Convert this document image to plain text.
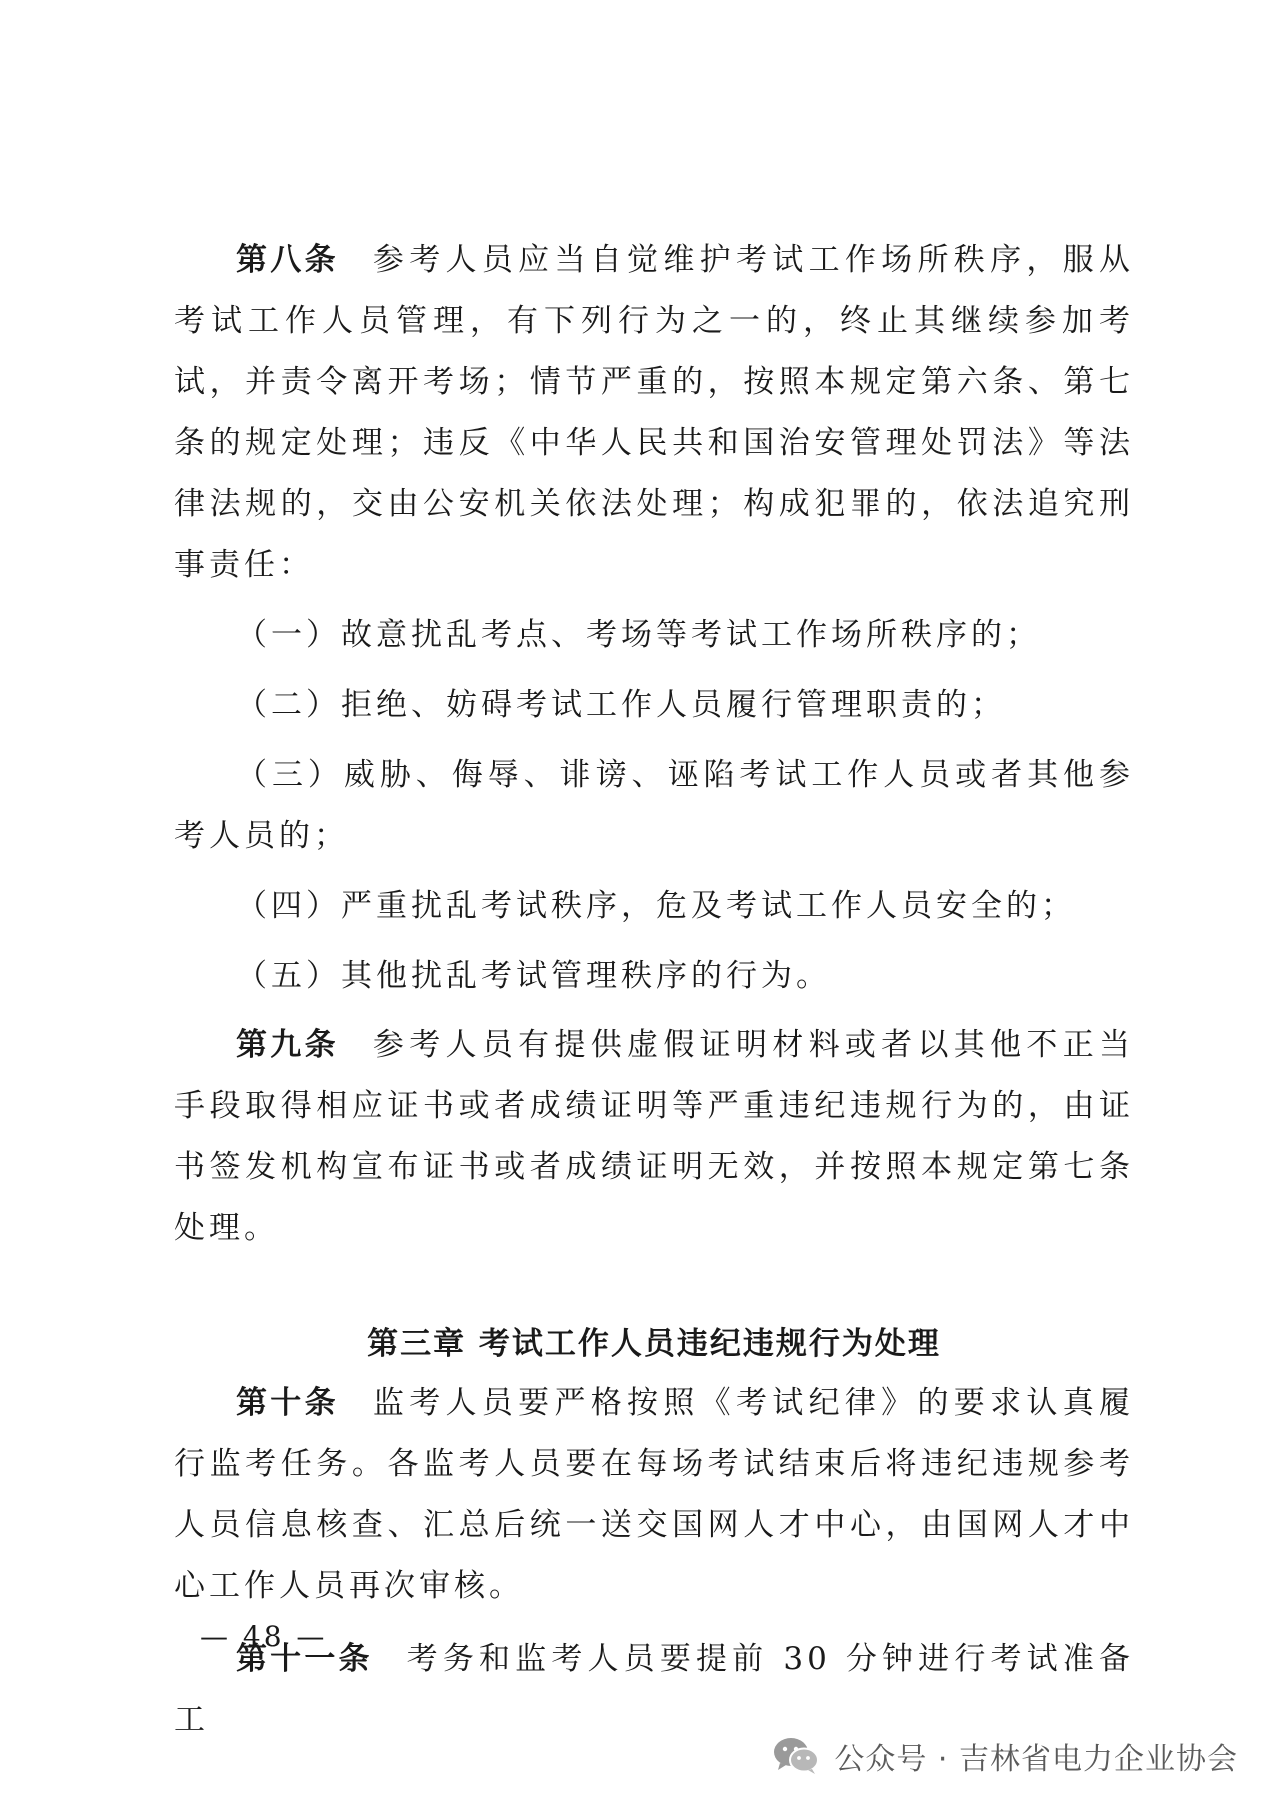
第八条 参考人员应当自觉维护考试工作场所秩序，服从考试工作人员管理，有下列行为之一的，终止其继续参加考试，并责令离开考场；情节严重的，按照本规定第六条、第七条的规定处理；违反《中华人民共和国治安管理处罚法》等法律法规的，交由公安机关依法处理；构成犯罪的，依法追究刑事责任：

（一）故意扰乱考点、考场等考试工作场所秩序的；

（二）拒绝、妨碍考试工作人员履行管理职责的；

（三）威胁、侮辱、诽谤、诬陷考试工作人员或者其他参考人员的；

（四）严重扰乱考试秩序，危及考试工作人员安全的；

（五）其他扰乱考试管理秩序的行为。

第九条 参考人员有提供虚假证明材料或者以其他不正当手段取得相应证书或者成绩证明等严重违纪违规行为的，由证书签发机构宣布证书或者成绩证明无效，并按照本规定第七条处理。

第三章 考试工作人员违纪违规行为处理

第十条 监考人员要严格按照《考试纪律》的要求认真履行监考任务。各监考人员要在每场考试结束后将违纪违规参考人员信息核查、汇总后统一送交国网人才中心，由国网人才中心工作人员再次审核。

第十一条 考务和监考人员要提前 30 分钟进行考试准备工

— 48 —
公众号 · 吉林省电力企业协会
